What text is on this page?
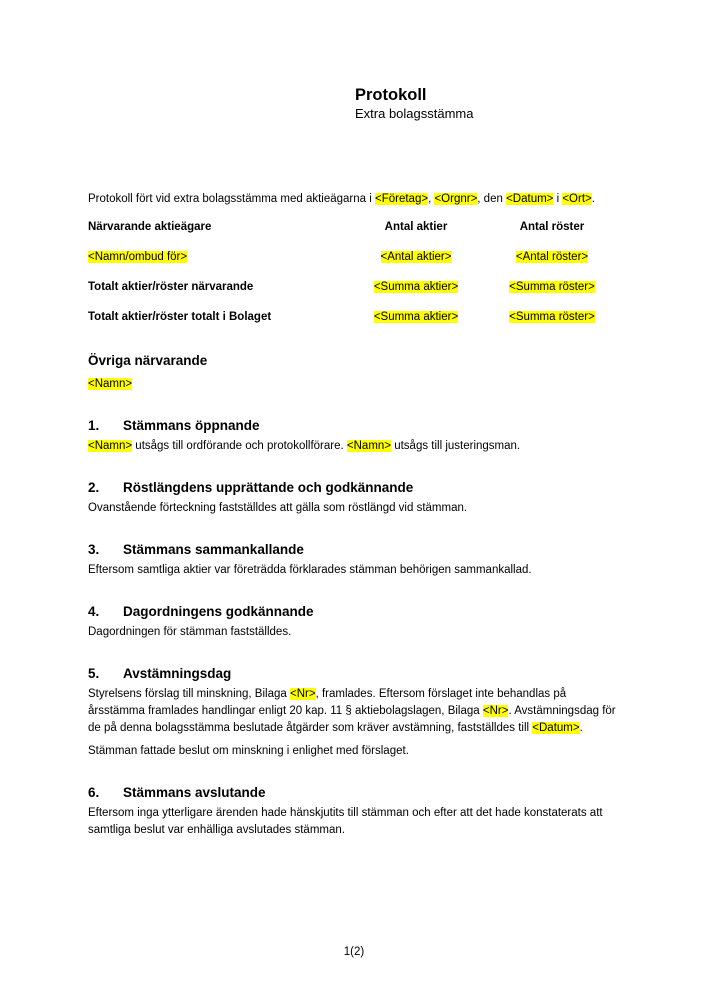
Protokoll
Extra bolagsstämma

Protokoll fört vid extra bolagsstämma med aktieägarna i <Företag>, <Orgnr>, den <Datum> i <Ort>.

Närvarande aktieägare	Antal aktier	Antal röster
<Namn/ombud för>	<Antal aktier>	<Antal röster>
Totalt aktier/röster närvarande	<Summa aktier>	<Summa röster>
Totalt aktier/röster totalt i Bolaget	<Summa aktier>	<Summa röster>
Övriga närvarande
<Namn>
1.	Stämmans öppnande

<Namn> utsågs till ordförande och protokollförare. <Namn> utsågs till justeringsman.

2.	Röstlängdens upprättande och godkännande

Ovanstående förteckning fastställdes att gälla som röstlängd vid stämman.

3.	Stämmans sammankallande

Eftersom samtliga aktier var företrädda förklarades stämman behörigen sammankallad.

4.	Dagordningens godkännande

Dagordningen för stämman fastställdes.

5.	Avstämningsdag

Styrelsens förslag till minskning, Bilaga <Nr>, framlades. Eftersom förslaget inte behandlas på årsstämma framlades handlingar enligt 20 kap. 11 § aktiebolagslagen, Bilaga <Nr>. Avstämningsdag för de på denna bolagsstämma beslutade åtgärder som kräver avstämning, fastställdes till <Datum>.

Stämman fattade beslut om minskning i enlighet med förslaget.

6.	Stämmans avslutande

Eftersom inga ytterligare ärenden hade hänskjutits till stämman och efter att det hade konstaterats att samtliga beslut var enhälliga avslutades stämman.

1(2)
